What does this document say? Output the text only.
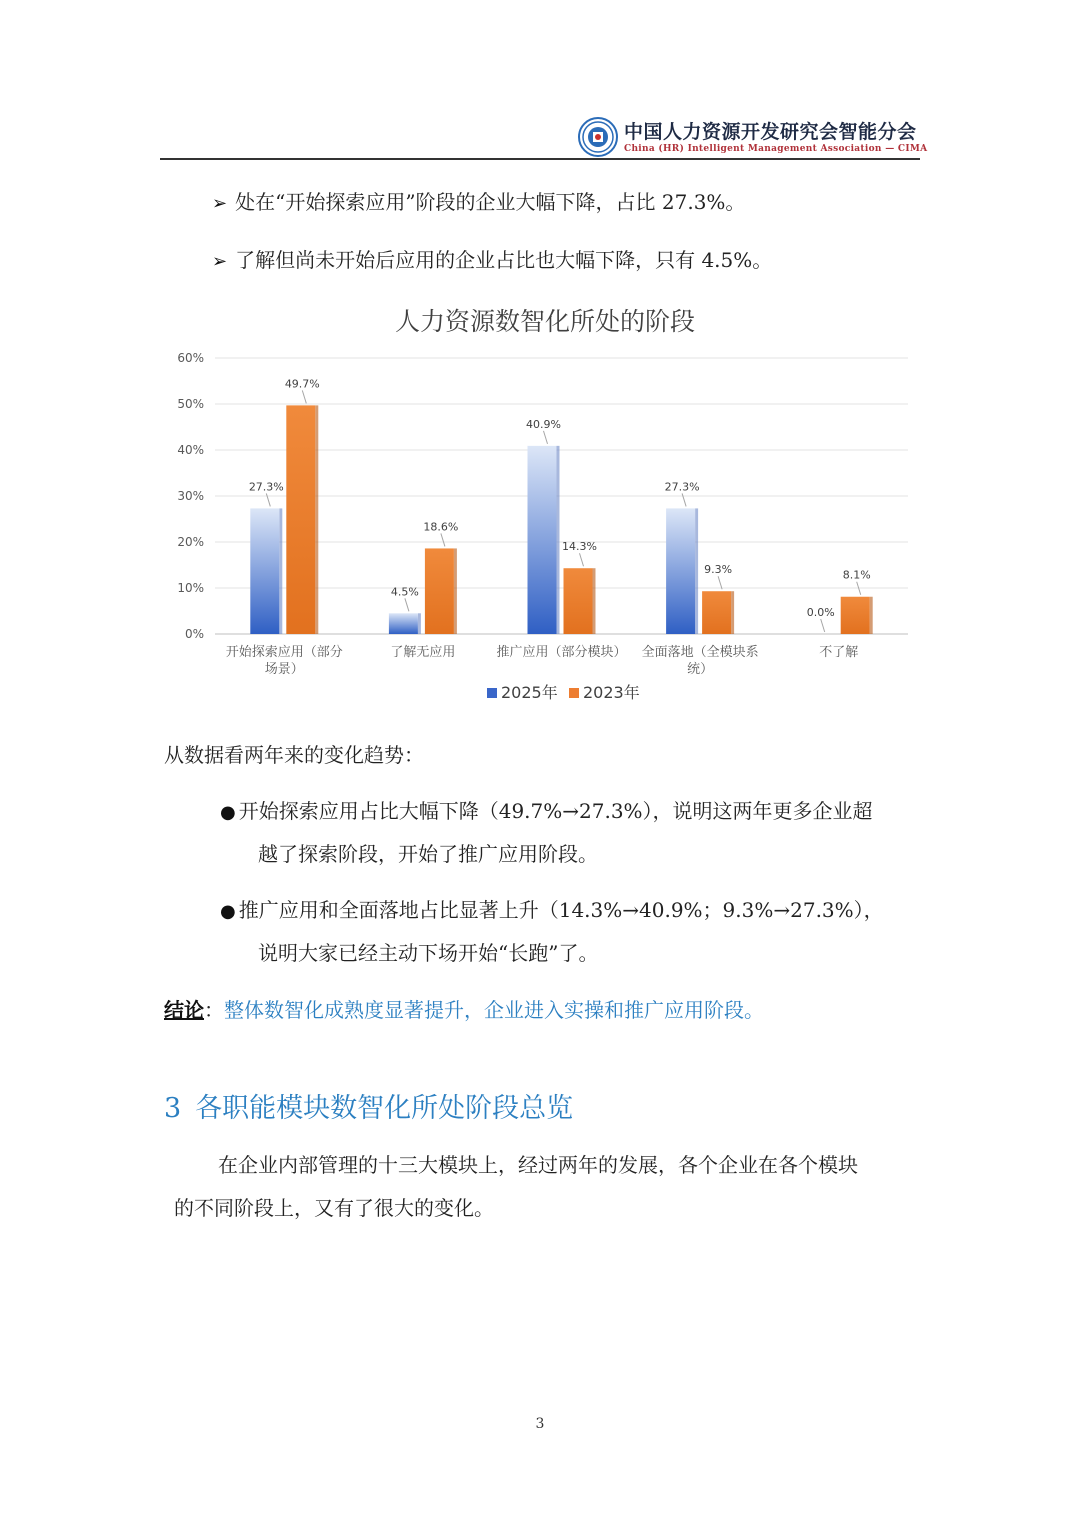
中国人力资源开发研究会智能分会
China (HR) Intelligent Management Association — CIMA
➢ 处在“开始探索应用”阶段的企业大幅下降，占比 27.3%。
➢ 了解但尚未开始后应用的企业占比也大幅下降，只有 4.5%。
人力资源数智化所处的阶段
0%
10%
20%
30%
40%
50%
60%
27.3%
49.7%
开始探索应用（部分
场景）
4.5%
18.6%
了解无应用
40.9%
14.3%
推广应用（部分模块）
27.3%
9.3%
全面落地（全模块系
统）
0.0%
8.1%
不了解
2025年 2023年
从数据看两年来的变化趋势：
● 开始探索应用占比大幅下降（49.7%→27.3%），说明这两年更多企业超
越了探索阶段，开始了推广应用阶段。
● 推广应用和全面落地占比显著上升（14.3%→40.9%；9.3%→27.3%），
说明大家已经主动下场开始“长跑”了。
结论：整体数智化成熟度显著提升，企业进入实操和推广应用阶段。
3 各职能模块数智化所处阶段总览
在企业内部管理的十三大模块上，经过两年的发展，各个企业在各个模块
的不同阶段上，又有了很大的变化。
3
